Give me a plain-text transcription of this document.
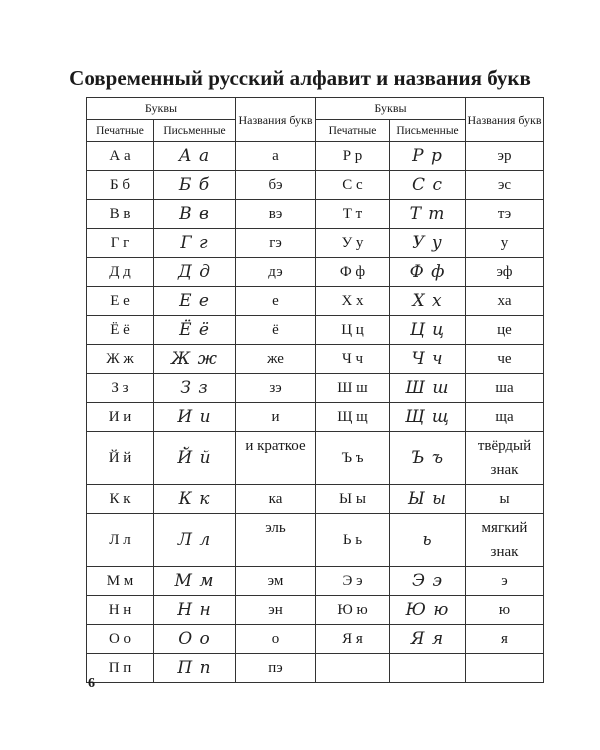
Современный русский алфавит и названия букв
Буквы		Названия букв	Буквы		Названия букв
Печатные	Письменные		Печатные	Письменные	
А а	А а	а	Р р	Р р	эр
Б б	Б б	бэ	С с	С с	эс
В в	В в	вэ	Т т	Т т	тэ
Г г	Г г	гэ	У у	У у	у
Д д	Д д	дэ	Ф ф	Ф ф	эф
Е е	Е е	е	Х х	Х х	ха
Ё ё	Ё ё	ё	Ц ц	Ц ц	це
Ж ж	Ж ж	же	Ч ч	Ч ч	че
З з	З з	зэ	Ш ш	Ш ш	ша
И и	И и	и	Щ щ	Щ щ	ща
Й й	Й й	и краткое	Ъ ъ	Ъ ъ	твёрдый знак
К к	К к	ка	Ы ы	Ы ы	ы
Л л	Л л	эль	Ь ь	ь	мягкий знак
М м	М м	эм	Э э	Э э	э
Н н	Н н	эн	Ю ю	Ю ю	ю
О о	О о	о	Я я	Я я	я
П п	П п	пэ			
6
